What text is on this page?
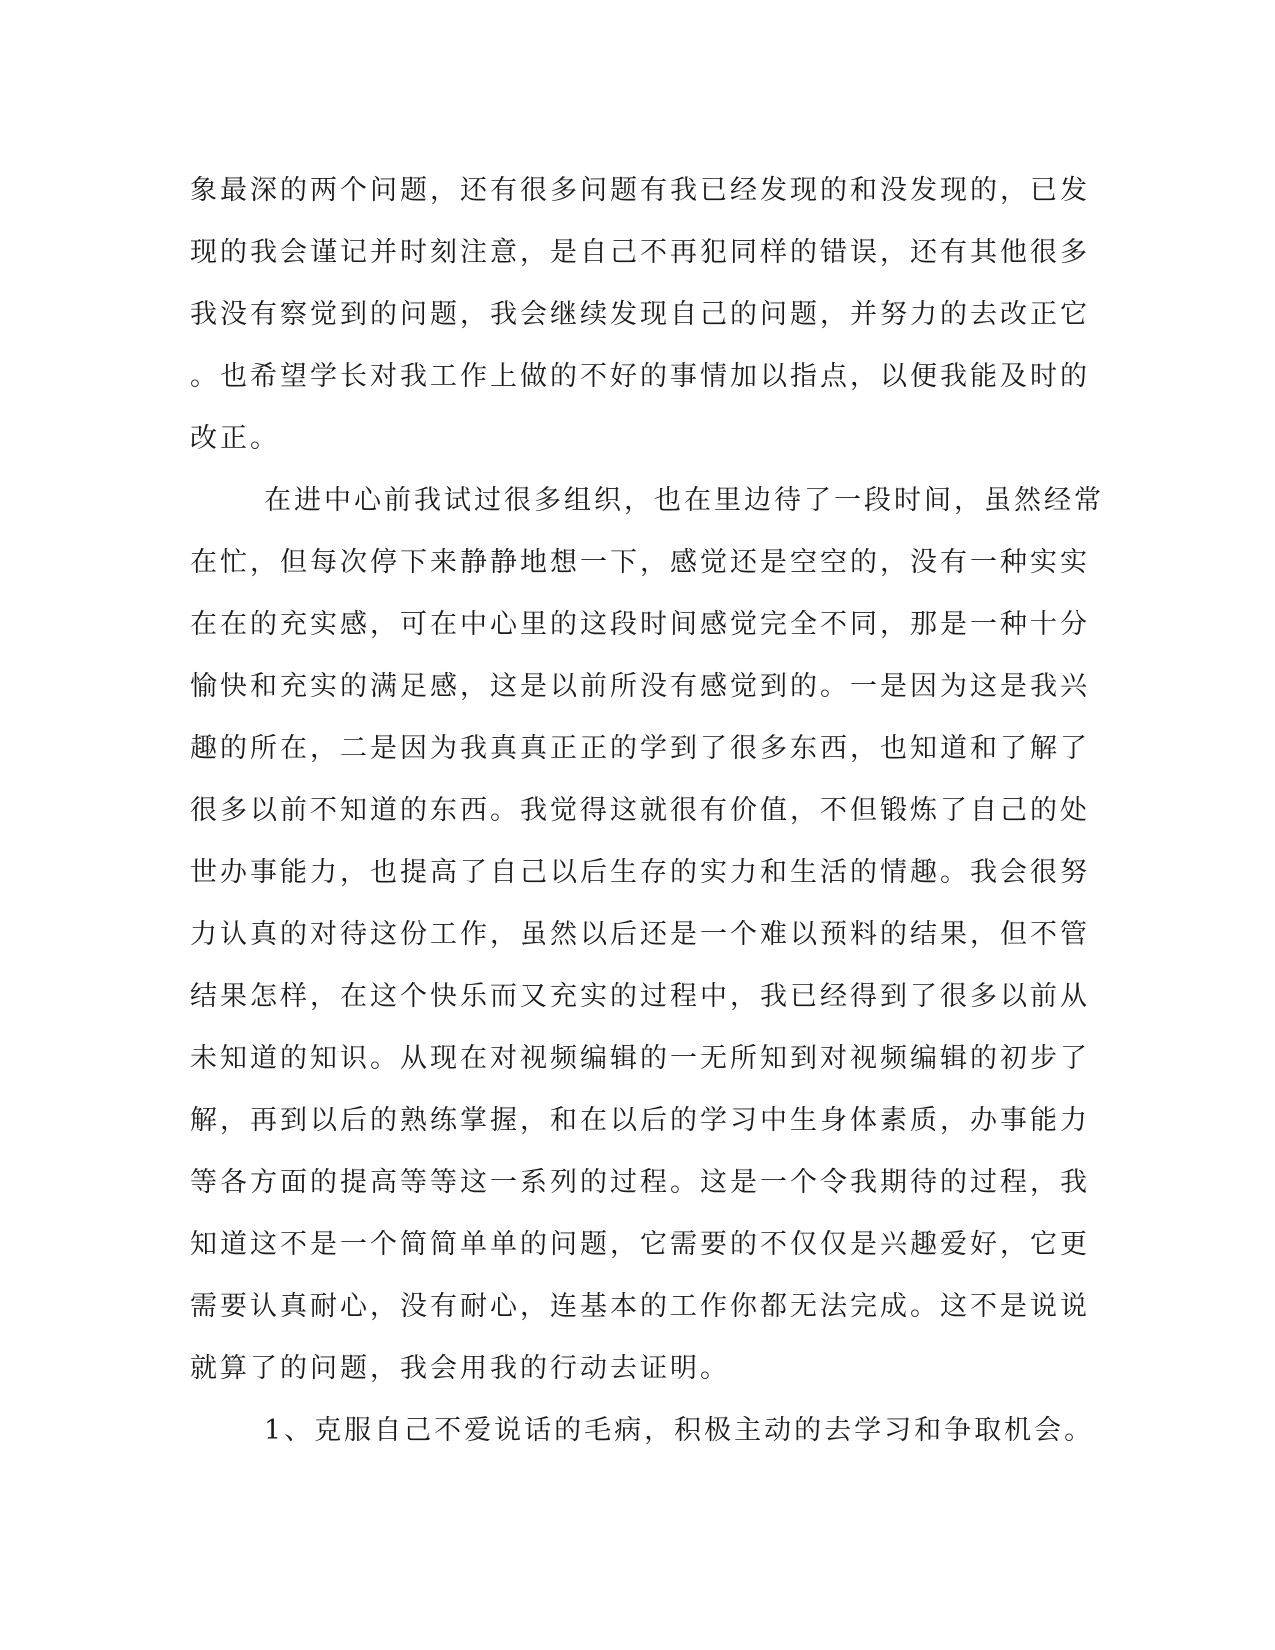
象最深的两个问题，还有很多问题有我已经发现的和没发现的，已发
现的我会谨记并时刻注意，是自己不再犯同样的错误，还有其他很多
我没有察觉到的问题，我会继续发现自己的问题，并努力的去改正它
。也希望学长对我工作上做的不好的事情加以指点，以便我能及时的
改正。
在进中心前我试过很多组织，也在里边待了一段时间，虽然经常
在忙，但每次停下来静静地想一下，感觉还是空空的，没有一种实实
在在的充实感，可在中心里的这段时间感觉完全不同，那是一种十分
愉快和充实的满足感，这是以前所没有感觉到的。一是因为这是我兴
趣的所在，二是因为我真真正正的学到了很多东西，也知道和了解了
很多以前不知道的东西。我觉得这就很有价值，不但锻炼了自己的处
世办事能力，也提高了自己以后生存的实力和生活的情趣。我会很努
力认真的对待这份工作，虽然以后还是一个难以预料的结果，但不管
结果怎样，在这个快乐而又充实的过程中，我已经得到了很多以前从
未知道的知识。从现在对视频编辑的一无所知到对视频编辑的初步了
解，再到以后的熟练掌握，和在以后的学习中生身体素质，办事能力
等各方面的提高等等这一系列的过程。这是一个令我期待的过程，我
知道这不是一个简简单单的问题，它需要的不仅仅是兴趣爱好，它更
需要认真耐心，没有耐心，连基本的工作你都无法完成。这不是说说
就算了的问题，我会用我的行动去证明。
1、克服自己不爱说话的毛病，积极主动的去学习和争取机会。
